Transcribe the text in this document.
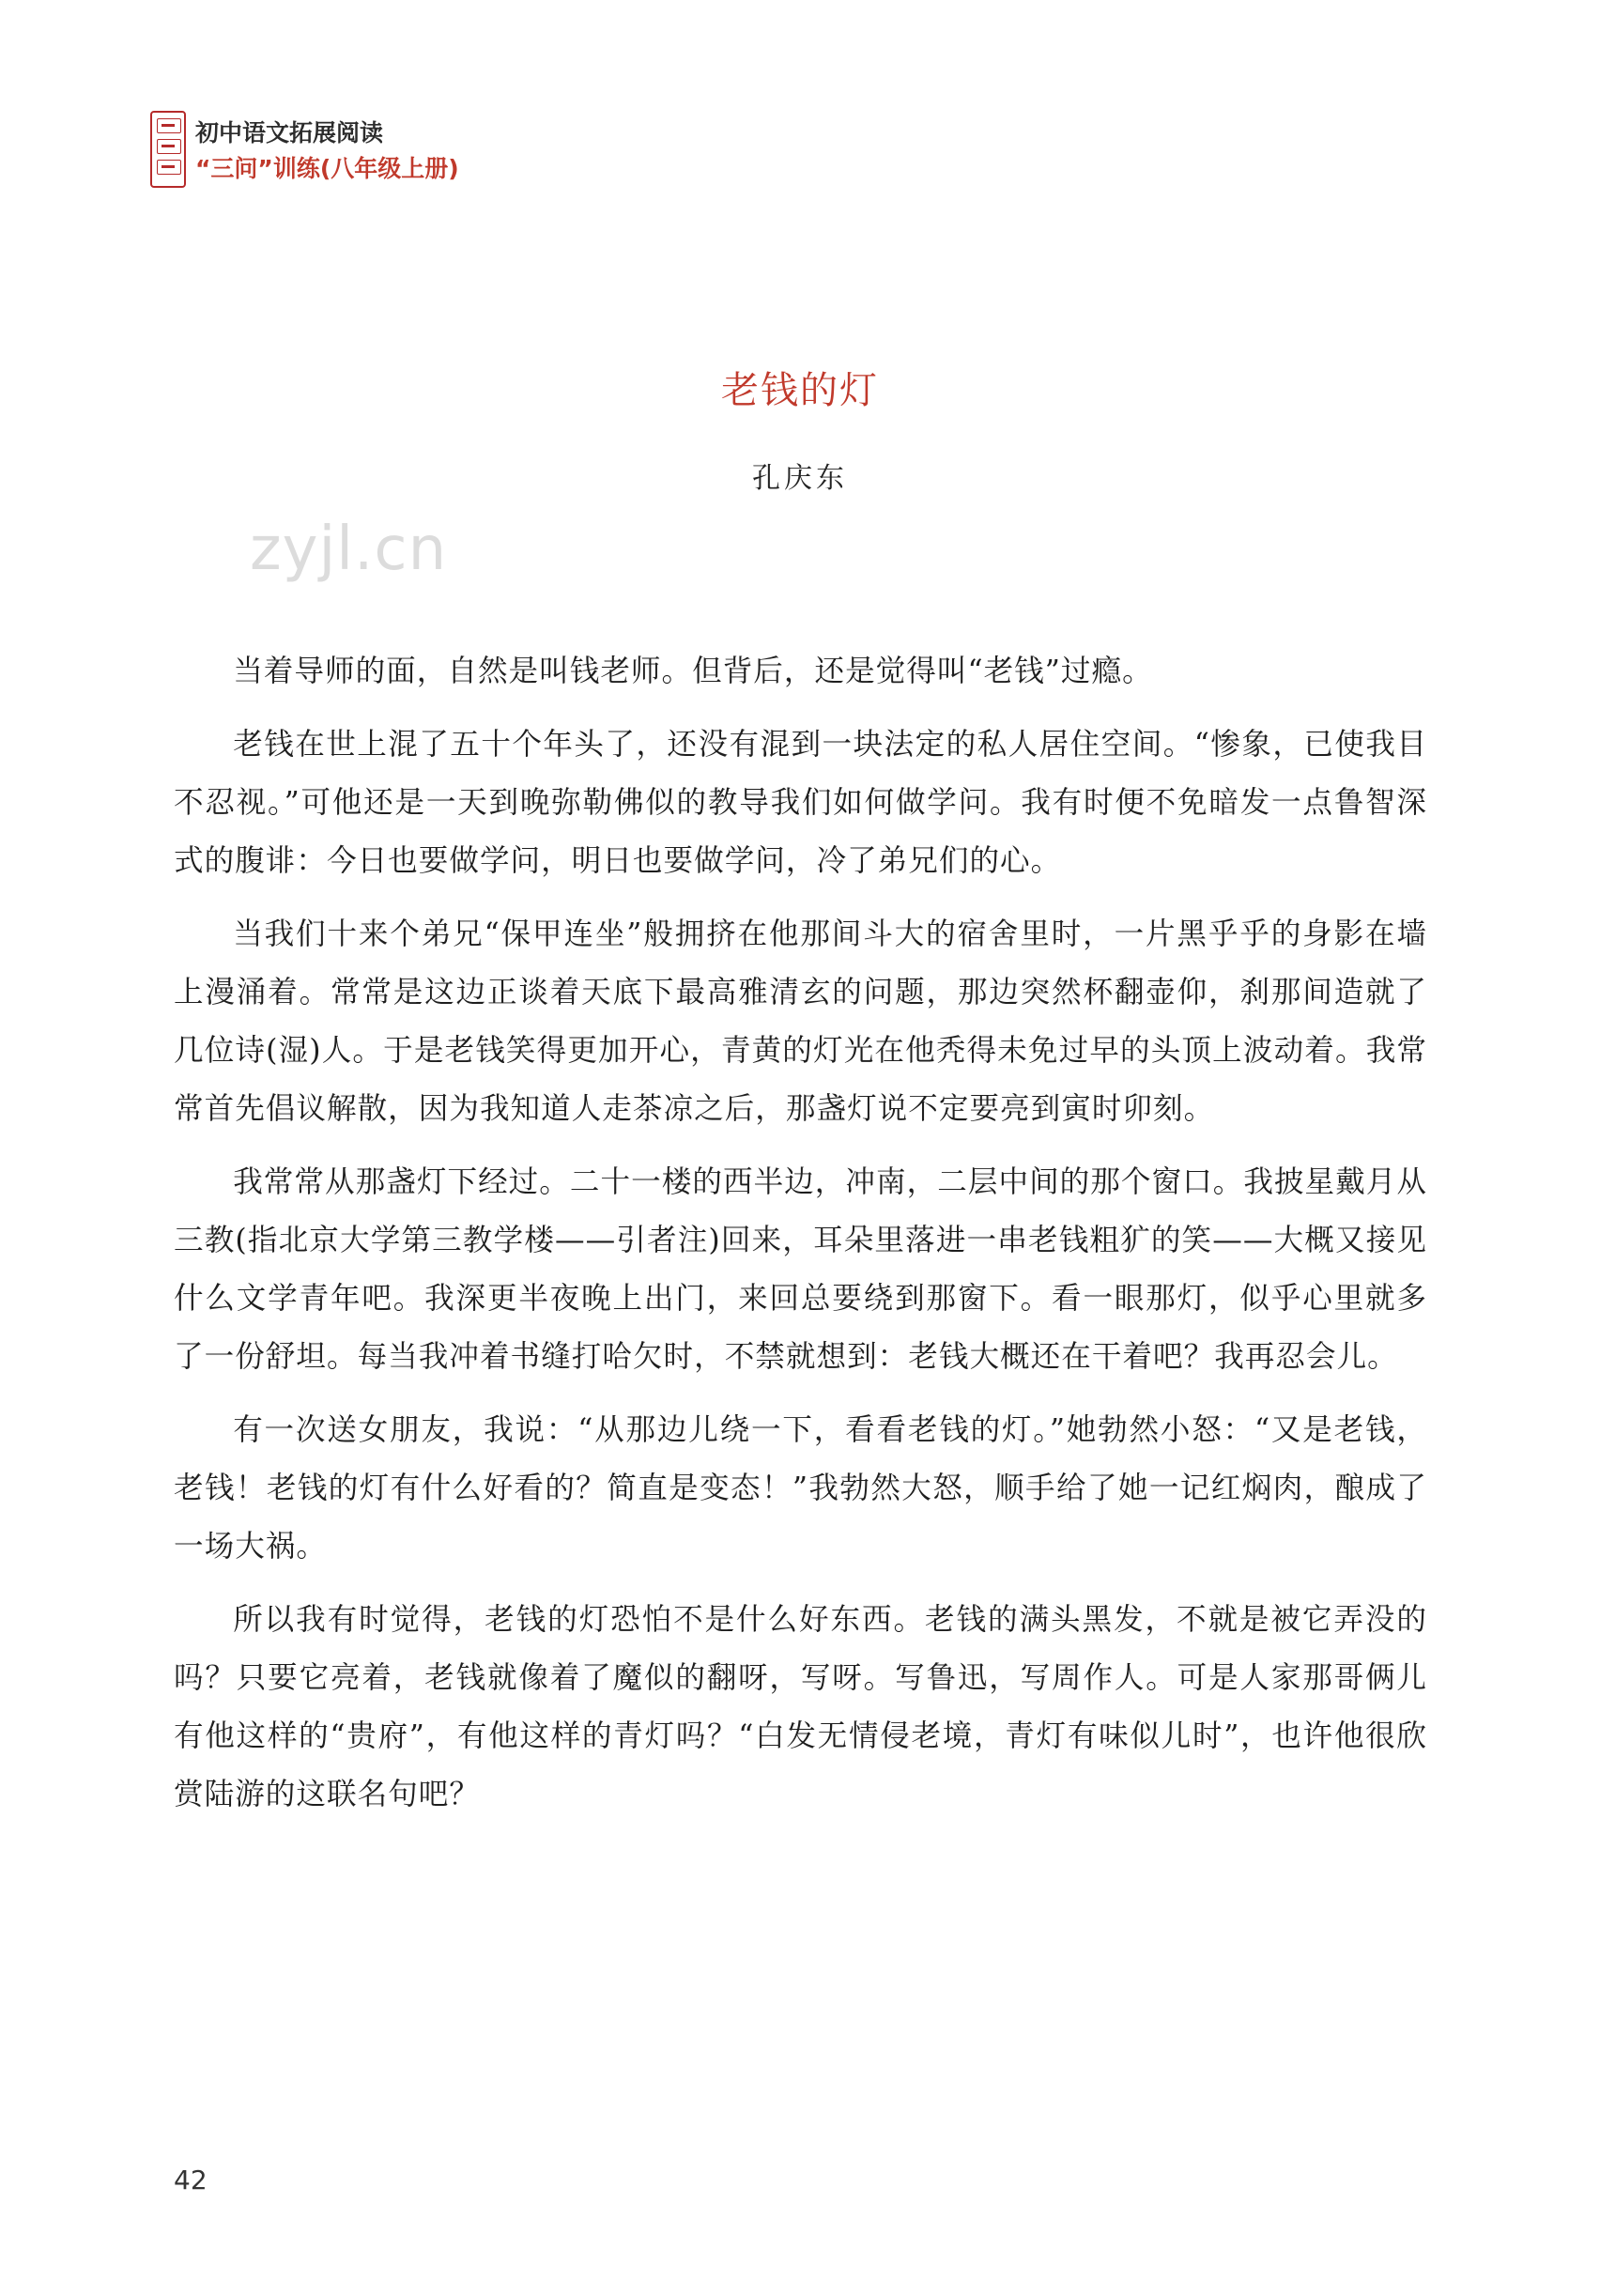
初中语文拓展阅读
“三问”训练(八年级上册)
老钱的灯
孔庆东
zyjl.cn

当着导师的面，自然是叫钱老师。但背后，还是觉得叫“老钱”过瘾。

老钱在世上混了五十个年头了，还没有混到一块法定的私人居住空间。“惨象，已使我目不忍视。”可他还是一天到晚弥勒佛似的教导我们如何做学问。我有时便不免暗发一点鲁智深式的腹诽：今日也要做学问，明日也要做学问，冷了弟兄们的心。

当我们十来个弟兄“保甲连坐”般拥挤在他那间斗大的宿舍里时，一片黑乎乎的身影在墙上漫涌着。常常是这边正谈着天底下最高雅清玄的问题，那边突然杯翻壶仰，刹那间造就了几位诗(湿)人。于是老钱笑得更加开心，青黄的灯光在他秃得未免过早的头顶上波动着。我常常首先倡议解散，因为我知道人走茶凉之后，那盏灯说不定要亮到寅时卯刻。

我常常从那盏灯下经过。二十一楼的西半边，冲南，二层中间的那个窗口。我披星戴月从三教(指北京大学第三教学楼——引者注)回来，耳朵里落进一串老钱粗犷的笑——大概又接见什么文学青年吧。我深更半夜晚上出门，来回总要绕到那窗下。看一眼那灯，似乎心里就多了一份舒坦。每当我冲着书缝打哈欠时，不禁就想到：老钱大概还在干着吧？我再忍会儿。

有一次送女朋友，我说：“从那边儿绕一下，看看老钱的灯。”她勃然小怒：“又是老钱，老钱！老钱的灯有什么好看的？简直是变态！”我勃然大怒，顺手给了她一记红焖肉，酿成了一场大祸。

所以我有时觉得，老钱的灯恐怕不是什么好东西。老钱的满头黑发，不就是被它弄没的吗？只要它亮着，老钱就像着了魔似的翻呀，写呀。写鲁迅，写周作人。可是人家那哥俩儿有他这样的“贵府”，有他这样的青灯吗？“白发无情侵老境，青灯有味似儿时”，也许他很欣赏陆游的这联名句吧？

42
